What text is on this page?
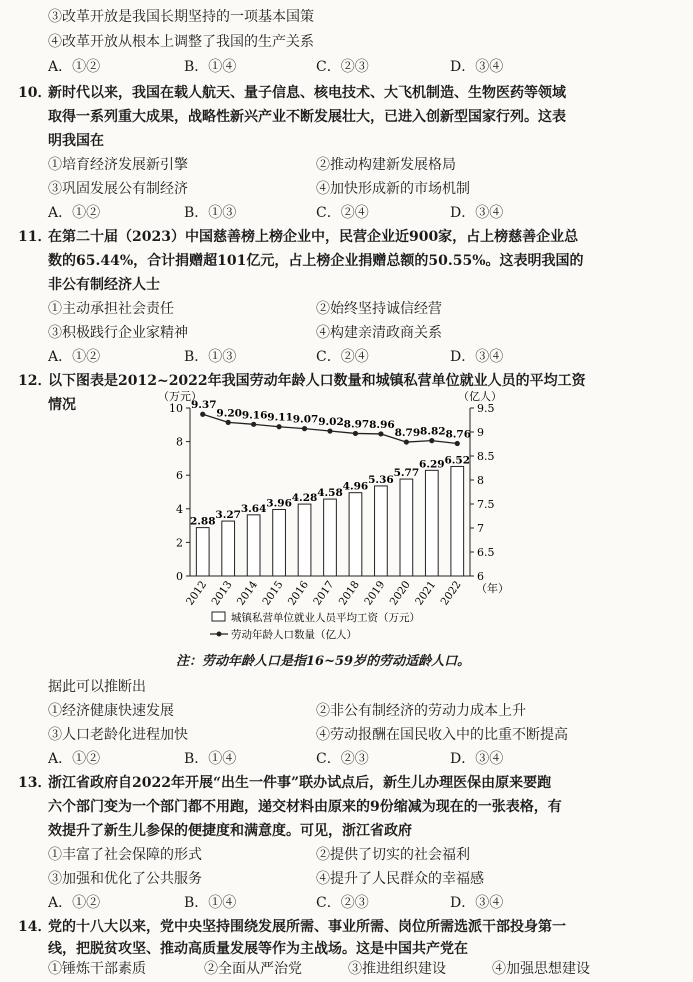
③改革开放是我国长期坚持的一项基本国策
④改革开放从根本上调整了我国的生产关系
A．①②	B．①④	C．②③	D．③④
10．
新时代以来，我国在载人航天、量子信息、核电技术、大飞机制造、生物医药等领域
取得一系列重大成果，战略性新兴产业不断发展壮大，已进入创新型国家行列。这表
明我国在
①培育经济发展新引擎	②推动构建新发展格局
③巩固发展公有制经济	④加快形成新的市场机制
A．①②	B．①③	C．②④	D．③④
11．
在第二十届（2023）中国慈善榜上榜企业中，民营企业近900家，占上榜慈善企业总
数的65.44%，合计捐赠超101亿元，占上榜企业捐赠总额的50.55%。这表明我国的
非公有制经济人士
①主动承担社会责任	②始终坚持诚信经营
③积极践行企业家精神	④构建亲清政商关系
A．①②	B．①③	C．②④	D．③④
12．
以下图表是2012~2022年我国劳动年龄人口数量和城镇私营单位就业人员的平均工资
情况
（万元）	（亿人）
（年）
0
2
4
6
8
10
6
6.5
7
7.5
8
8.5
9
9.5
2.88
2012
3.27
2013
3.64
2014
3.96
2015
4.28
2016
4.58
2017
4.96
2018
5.36
2019
5.77
2020
6.29
2021
6.52
2022
9.37
9.20 9.16 9.11 9.07 9.02 8.97 8.96
8.79 8.82 8.76
城镇私营单位就业人员平均工资（万元）
劳动年龄人口数量（亿人）
注：劳动年龄人口是指16~59岁的劳动适龄人口。
据此可以推断出
①经济健康快速发展	②非公有制经济的劳动力成本上升
③人口老龄化进程加快	④劳动报酬在国民收入中的比重不断提高
A．①②	B．①④	C．②③	D．③④
13．
浙江省政府自2022年开展“出生一件事”联办试点后，新生儿办理医保由原来要跑
六个部门变为一个部门都不用跑，递交材料由原来的9份缩减为现在的一张表格，有
效提升了新生儿参保的便捷度和满意度。可见，浙江省政府
①丰富了社会保障的形式	②提供了切实的社会福利
③加强和优化了公共服务	④提升了人民群众的幸福感
A．①②	B．①④	C．②③	D．③④
14．
党的十八大以来，党中央坚持围绕发展所需、事业所需、岗位所需选派干部投身第一
线，把脱贫攻坚、推动高质量发展等作为主战场。这是中国共产党在
①锤炼干部素质	②全面从严治党	③推进组织建设	④加强思想建设
